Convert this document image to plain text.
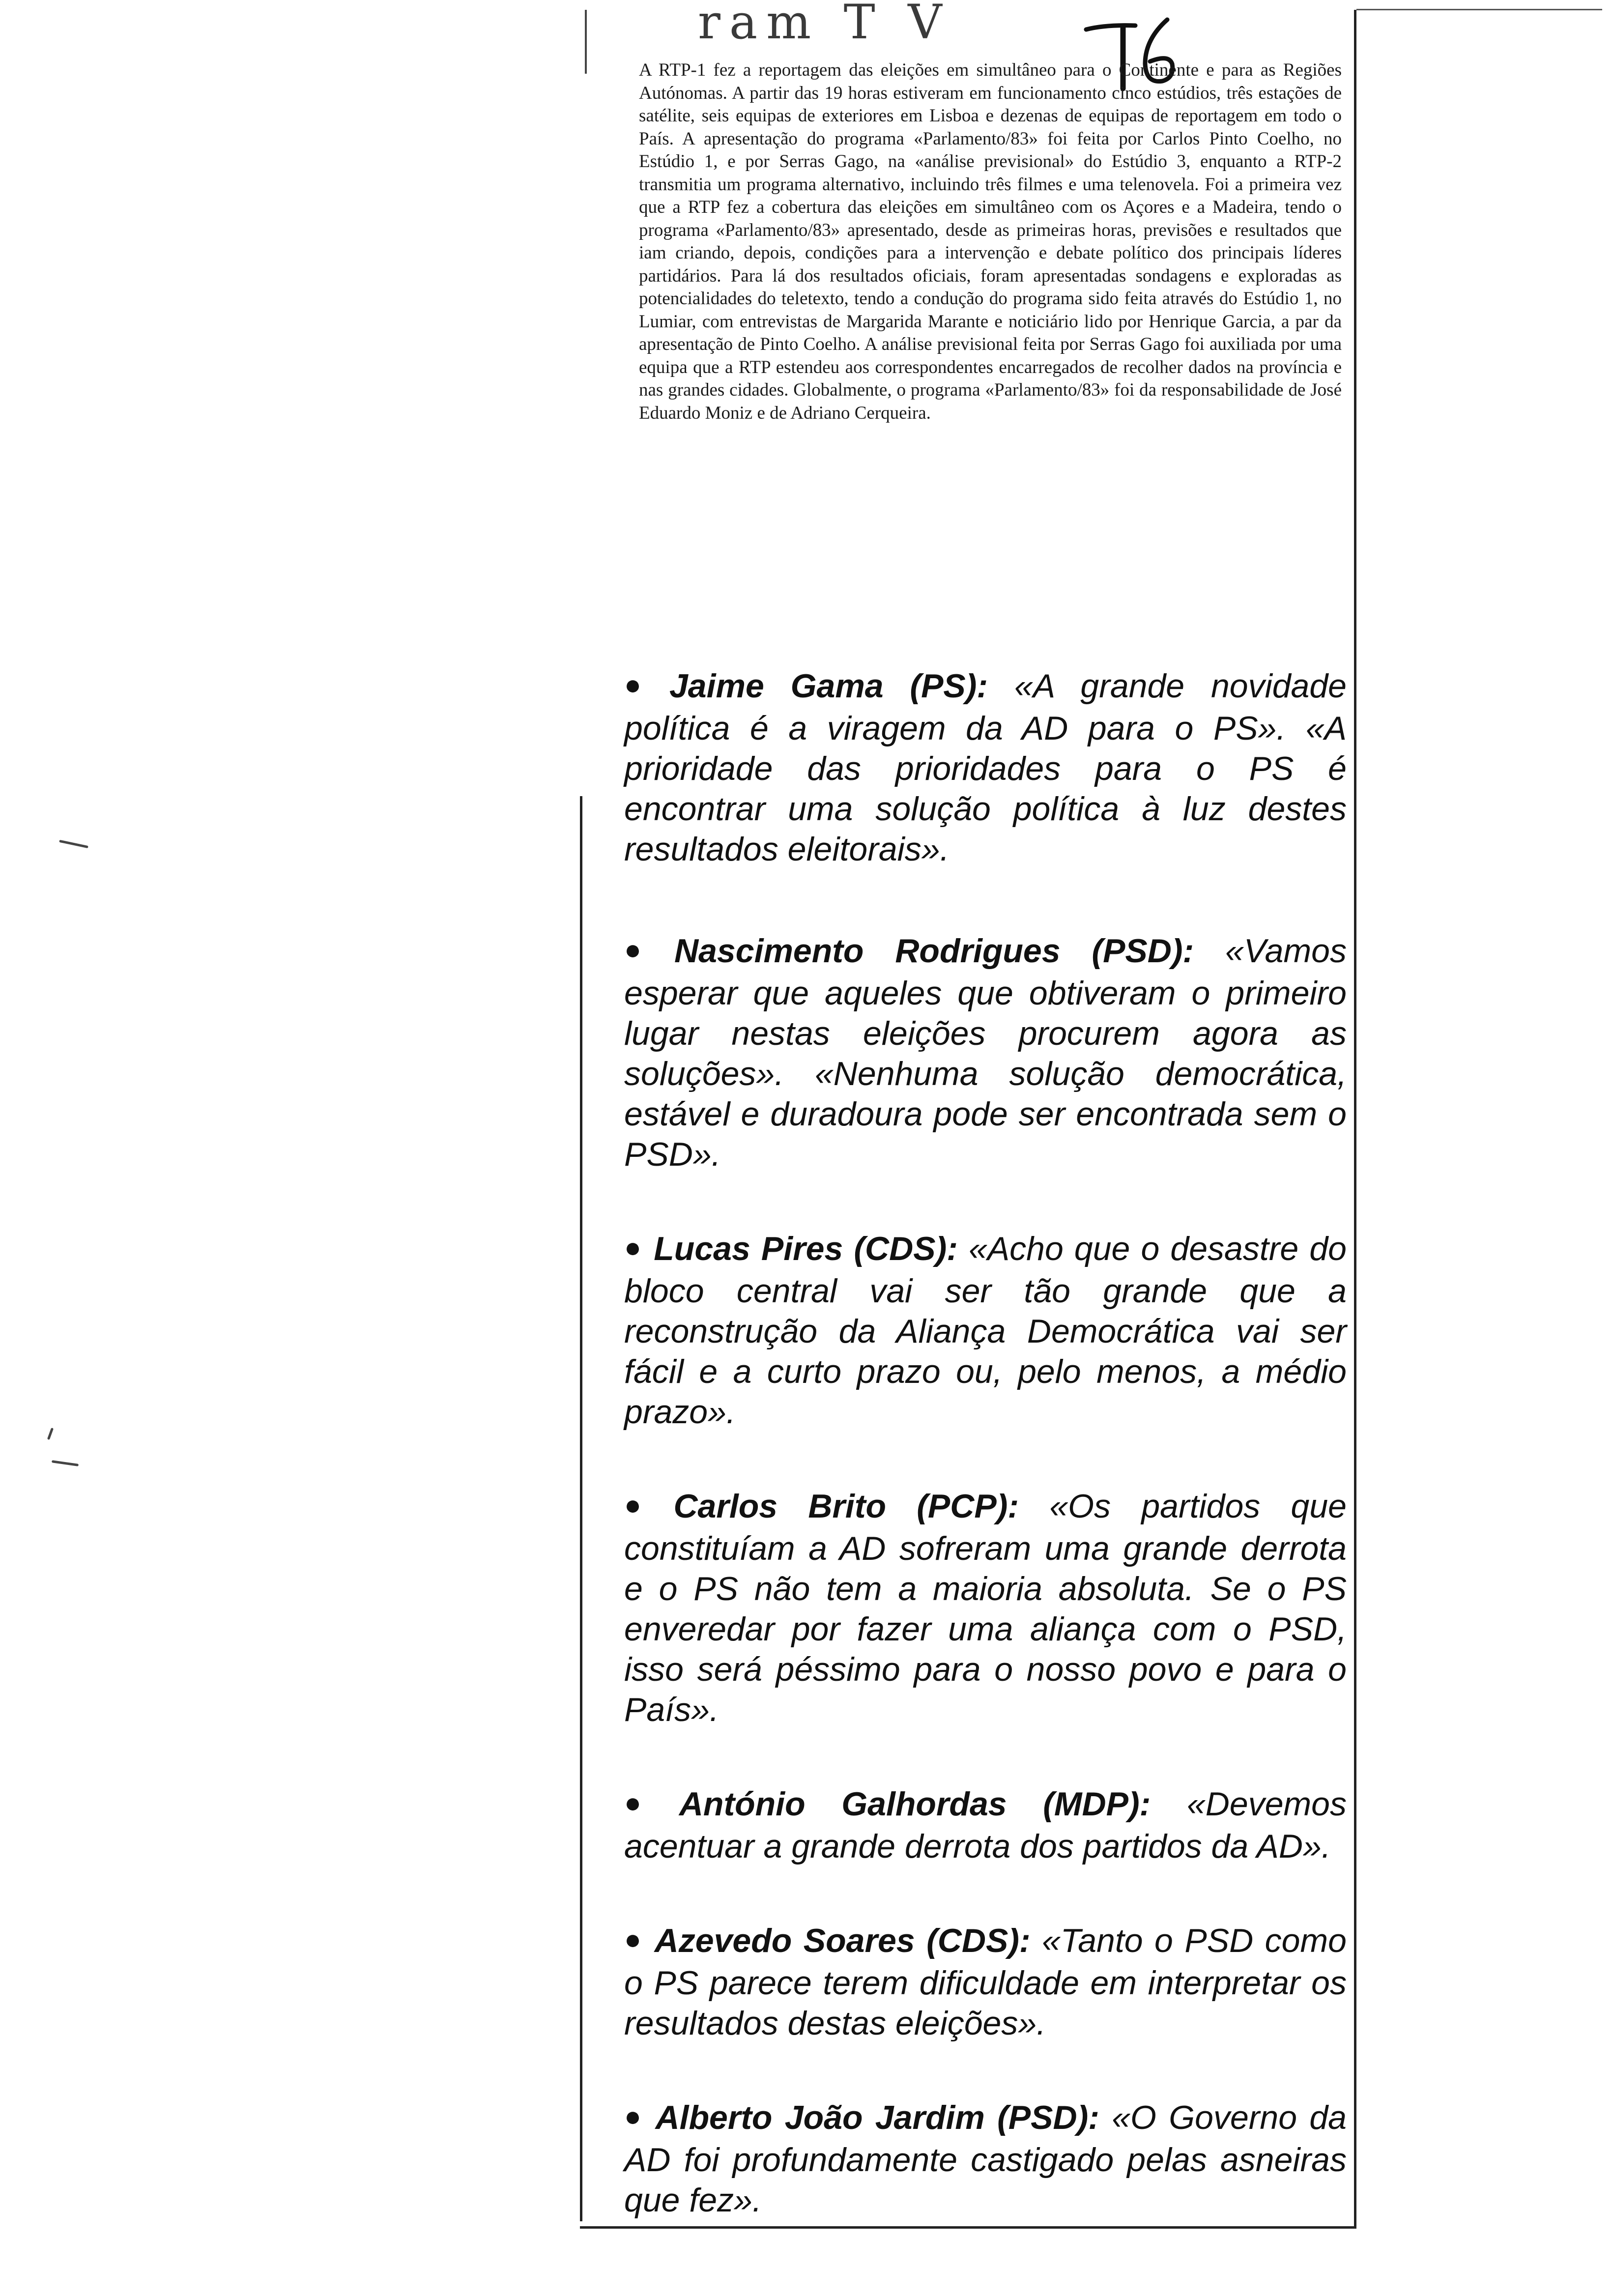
ram T V

A RTP-1 fez a reportagem das eleições em simultâneo para o Continente e para as Regiões Autónomas. A partir das 19 horas estiveram em funcionamento cinco estúdios, três estações de satélite, seis equipas de exteriores em Lisboa e dezenas de equipas de reportagem em todo o País. A apresentação do programa «Parlamento/83» foi feita por Carlos Pinto Coelho, no Estúdio 1, e por Serras Gago, na «análise previsional» do Estúdio 3, enquanto a RTP-2 transmitia um programa alternativo, incluindo três filmes e uma telenovela. Foi a primeira vez que a RTP fez a cobertura das eleições em simultâneo com os Açores e a Madeira, tendo o programa «Parlamento/83» apresentado, desde as primeiras horas, previsões e resultados que iam criando, depois, condições para a intervenção e debate político dos principais líderes partidários. Para lá dos resultados oficiais, foram apresentadas sondagens e exploradas as potencialidades do teletexto, tendo a condução do programa sido feita através do Estúdio 1, no Lumiar, com entrevistas de Margarida Marante e noticiário lido por Henrique Garcia, a par da apresentação de Pinto Coelho. A análise previsional feita por Serras Gago foi auxiliada por uma equipa que a RTP estendeu aos correspondentes encarregados de recolher dados na província e nas grandes cidades. Globalmente, o programa «Parlamento/83» foi da responsabilidade de José Eduardo Moniz e de Adriano Cerqueira.

● Jaime Gama (PS): «A grande novidade política é a viragem da AD para o PS». «A prioridade das prioridades para o PS é encontrar uma solução política à luz destes resultados eleitorais».

● Nascimento Rodrigues (PSD): «Vamos esperar que aqueles que obtiveram o primeiro lugar nestas eleições procurem agora as soluções». «Nenhuma solução democrática, estável e duradoura pode ser encontrada sem o PSD».

● Lucas Pires (CDS): «Acho que o desastre do bloco central vai ser tão grande que a reconstrução da Aliança Democrática vai ser fácil e a curto prazo ou, pelo menos, a médio prazo».

● Carlos Brito (PCP): «Os partidos que constituíam a AD sofreram uma grande derrota e o PS não tem a maioria absoluta. Se o PS enveredar por fazer uma aliança com o PSD, isso será péssimo para o nosso povo e para o País».

● António Galhordas (MDP): «Devemos acentuar a grande derrota dos partidos da AD».

● Azevedo Soares (CDS): «Tanto o PSD como o PS parece terem dificuldade em interpretar os resultados destas eleições».

● Alberto João Jardim (PSD): «O Governo da AD foi profundamente castigado pelas asneiras que fez».
